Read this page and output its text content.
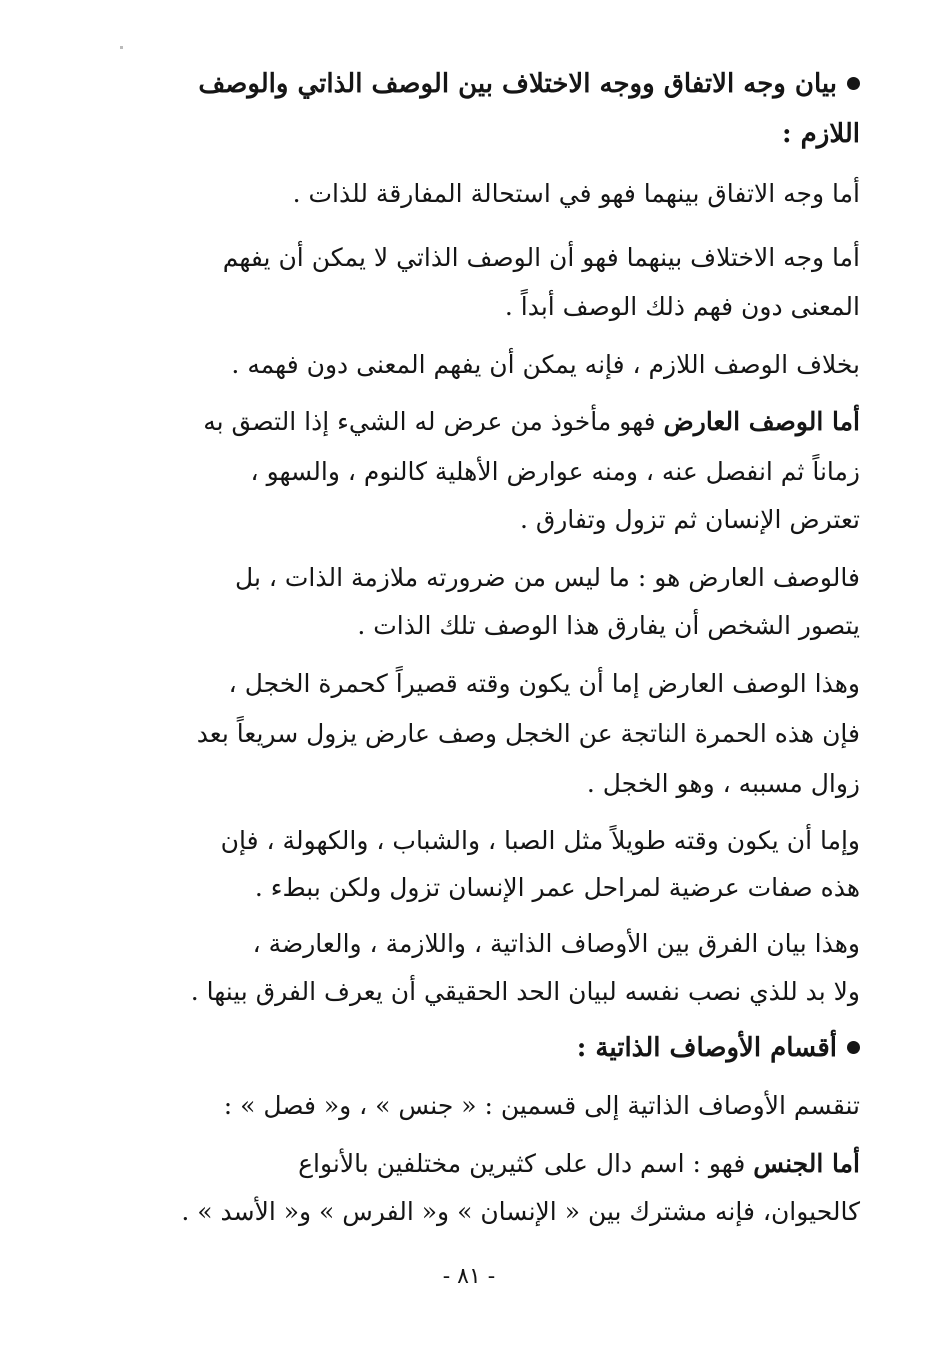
بيان وجه الاتفاق ووجه الاختلاف بين الوصف الذاتي والوصف
اللازم :
أما وجه الاتفاق بينهما فهو في استحالة المفارقة للذات .
أما وجه الاختلاف بينهما فهو أن الوصف الذاتي لا يمكن أن يفهم
المعنى دون فهم ذلك الوصف أبداً .
بخلاف الوصف اللازم ، فإنه يمكن أن يفهم المعنى دون فهمه .
أما الوصف العارض فهو مأخوذ من عرض له الشيء إذا التصق به
زماناً ثم انفصل عنه ، ومنه عوارض الأهلية كالنوم ، والسهو ،
تعترض الإنسان ثم تزول وتفارق .
فالوصف العارض هو : ما ليس من ضرورته ملازمة الذات ، بل
يتصور الشخص أن يفارق هذا الوصف تلك الذات .
وهذا الوصف العارض إما أن يكون وقته قصيراً كحمرة الخجل ،
فإن هذه الحمرة الناتجة عن الخجل وصف عارض يزول سريعاً بعد
زوال مسببه ، وهو الخجل .
وإما أن يكون وقته طويلاً مثل الصبا ، والشباب ، والكهولة ، فإن
هذه صفات عرضية لمراحل عمر الإنسان تزول ولكن ببطء .
وهذا بيان الفرق بين الأوصاف الذاتية ، واللازمة ، والعارضة ،
ولا بد للذي نصب نفسه لبيان الحد الحقيقي أن يعرف الفرق بينها .
أقسام الأوصاف الذاتية :
تنقسم الأوصاف الذاتية إلى قسمين : « جنس » ، و« فصل » :
أما الجنس فهو : اسم دال على كثيرين مختلفين بالأنواع
كالحيوان، فإنه مشترك بين « الإنسان » و« الفرس » و« الأسد » .
- ٨١ -
